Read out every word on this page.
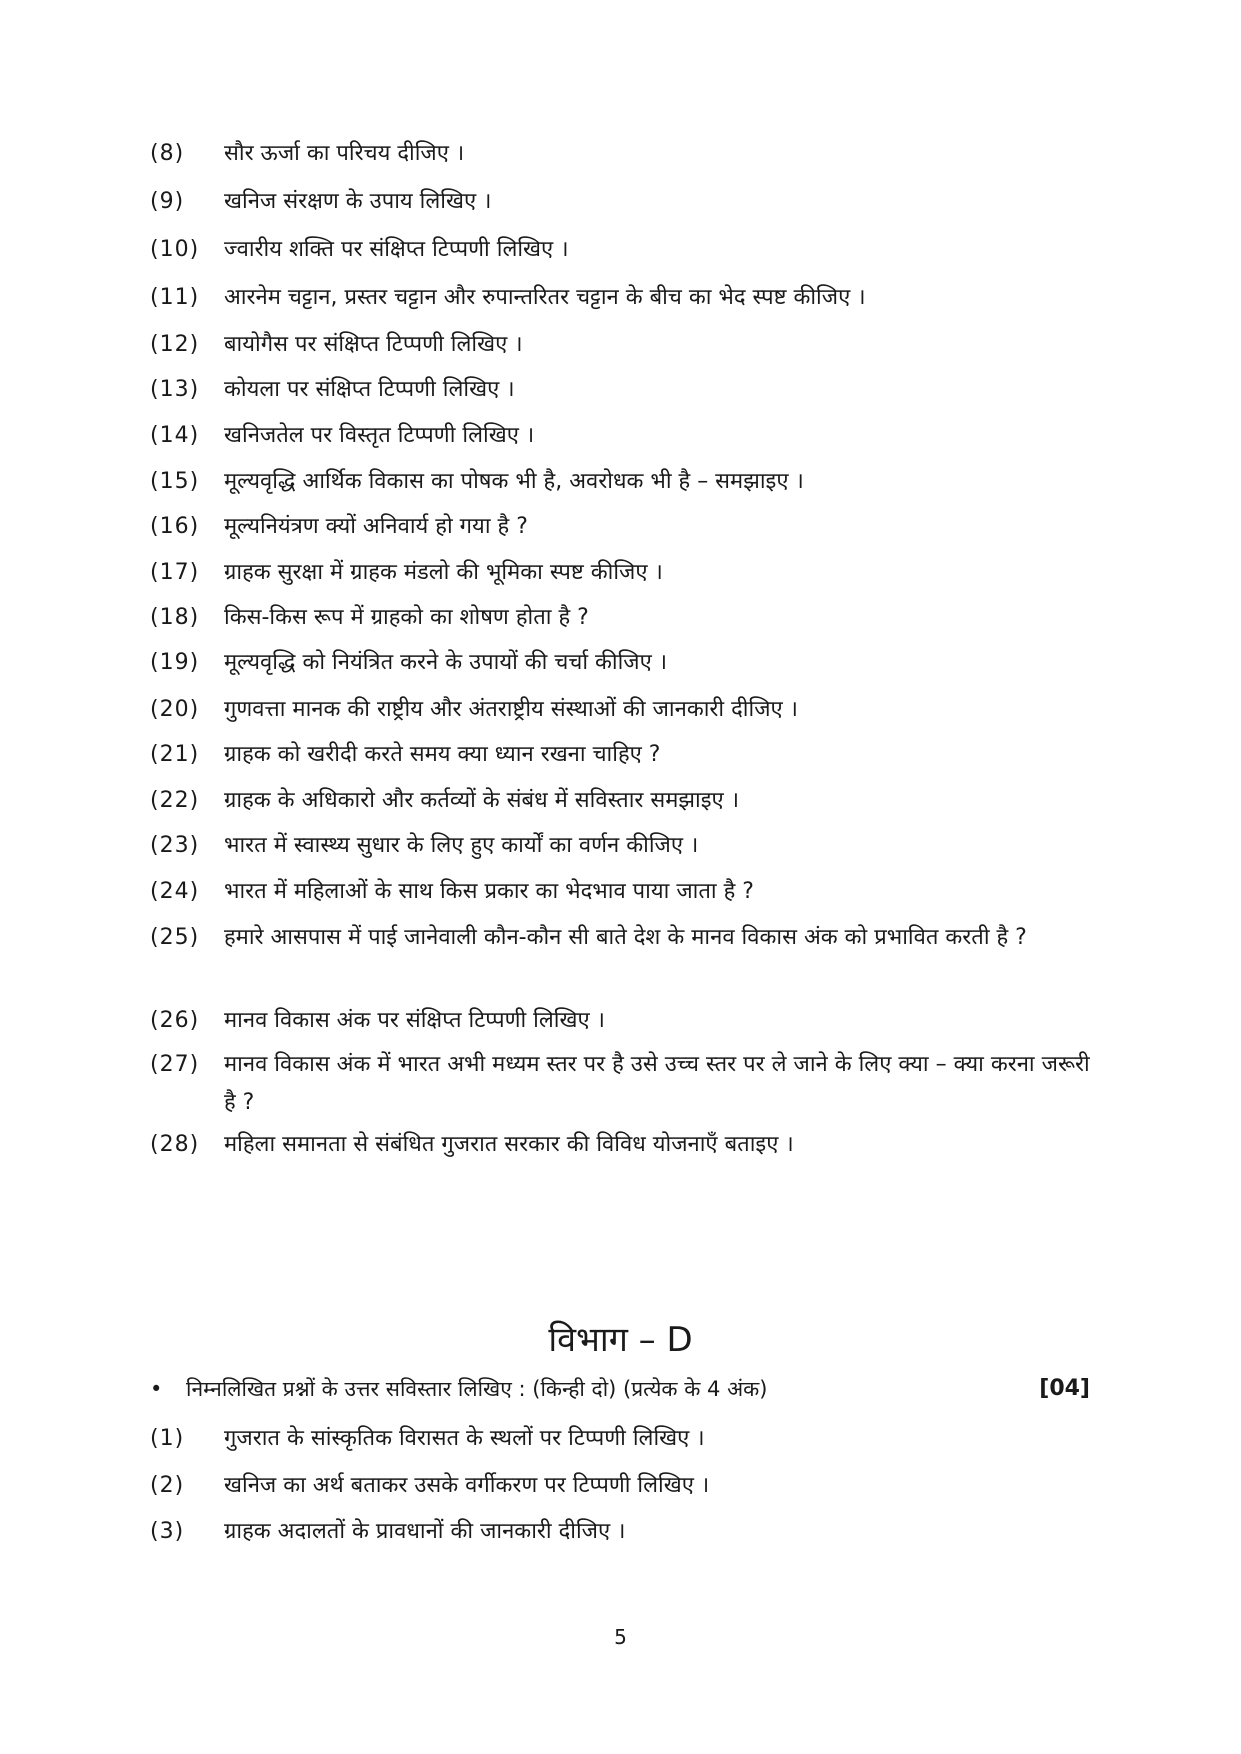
(8)	सौर ऊर्जा का परिचय दीजिए ।
(9)	खनिज संरक्षण के उपाय लिखिए ।
(10)	ज्वारीय शक्ति पर संक्षिप्त टिप्पणी लिखिए ।
(11)	आरनेम चट्टान, प्रस्तर चट्टान और रुपान्तरितर चट्टान के बीच का भेद स्पष्ट कीजिए ।
(12)	बायोगैस पर संक्षिप्त टिप्पणी लिखिए ।
(13)	कोयला पर संक्षिप्त टिप्पणी लिखिए ।
(14)	खनिजतेल पर विस्तृत टिप्पणी लिखिए ।
(15)	मूल्यवृद्धि आर्थिक विकास का पोषक भी है, अवरोधक भी है – समझाइए ।
(16)	मूल्यनियंत्रण क्यों अनिवार्य हो गया है ?
(17)	ग्राहक सुरक्षा में ग्राहक मंडलो की भूमिका स्पष्ट कीजिए ।
(18)	किस-किस रूप में ग्राहको का शोषण होता है ?
(19)	मूल्यवृद्धि को नियंत्रित करने के उपायों की चर्चा कीजिए ।
(20)	गुणवत्ता मानक की राष्ट्रीय और अंतराष्ट्रीय संस्थाओं की जानकारी दीजिए ।
(21)	ग्राहक को खरीदी करते समय क्या ध्यान रखना चाहिए ?
(22)	ग्राहक के अधिकारो और कर्तव्यों के संबंध में सविस्तार समझाइए ।
(23)	भारत में स्वास्थ्य सुधार के लिए हुए कार्यों का वर्णन कीजिए ।
(24)	भारत में महिलाओं के साथ किस प्रकार का भेदभाव पाया जाता है ?
(25)	हमारे आसपास में पाई जानेवाली कौन-कौन सी बाते देश के मानव विकास अंक को प्रभावित करती है ?
(26)	मानव विकास अंक पर संक्षिप्त टिप्पणी लिखिए ।
(27)	मानव विकास अंक में भारत अभी मध्यम स्तर पर है उसे उच्च स्तर पर ले जाने के लिए क्या – क्या करना जरूरी है ?
(28)	महिला समानता से संबंधित गुजरात सरकार की विविध योजनाएँ बताइए ।
विभाग – D
• निम्नलिखित प्रश्नों के उत्तर सविस्तार लिखिए : (किन्ही दो) (प्रत्येक के 4 अंक)	[04]
(1)	गुजरात के सांस्कृतिक विरासत के स्थलों पर टिप्पणी लिखिए ।
(2)	खनिज का अर्थ बताकर उसके वर्गीकरण पर टिप्पणी लिखिए ।
(3)	ग्राहक अदालतों के प्रावधानों की जानकारी दीजिए ।
5
